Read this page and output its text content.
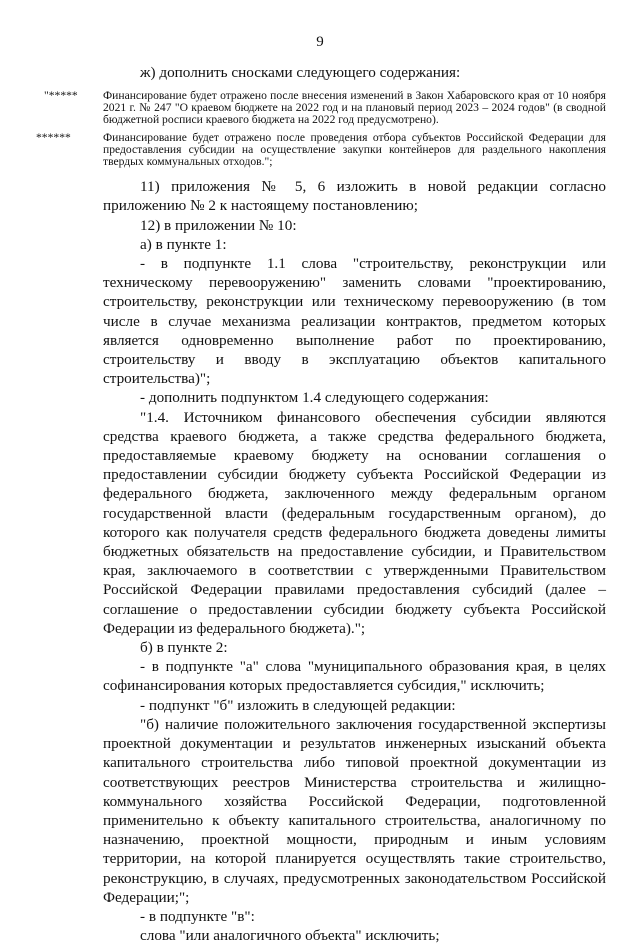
9

ж) дополнить сносками следующего содержания:

"***** Финансирование будет отражено после внесения изменений в Закон Хабаровского края от 10 ноября 2021 г. № 247 "О краевом бюджете на 2022 год и на плановый период 2023 – 2024 годов" (в сводной бюджетной росписи краевого бюджета на 2022 год предусмотрено).
******	Финансирование будет отражено после проведения отбора субъектов Российской Федерации для предоставления субсидии на осуществление закупки контейнеров для раздельного накопления твердых коммунальных отходов.";

11) приложения № 5, 6 изложить в новой редакции согласно приложению № 2 к настоящему постановлению;

12) в приложении № 10:

а) в пункте 1:

- в подпункте 1.1 слова "строительству, реконструкции или техническому перевооружению" заменить словами "проектированию, строительству, реконструкции или техническому перевооружению (в том числе в случае механизма реализации контрактов, предметом которых является одновременно выполнение работ по проектированию, строительству и вводу в эксплуатацию объектов капитального строительства)";

- дополнить подпунктом 1.4 следующего содержания:

"1.4. Источником финансового обеспечения субсидии являются средства краевого бюджета, а также средства федерального бюджета, предоставляемые краевому бюджету на основании соглашения о предоставлении субсидии бюджету субъекта Российской Федерации из федерального бюджета, заключенного между федеральным органом государственной власти (федеральным государственным органом), до которого как получателя средств федерального бюджета доведены лимиты бюджетных обязательств на предоставление субсидии, и Правительством края, заключаемого в соответствии с утвержденными Правительством Российской Федерации правилами предоставления субсидий (далее – соглашение о предоставлении субсидии бюджету субъекта Российской Федерации из федерального бюджета).";

б) в пункте 2:

- в подпункте "а" слова "муниципального образования края, в целях софинансирования которых предоставляется субсидия," исключить;

- подпункт "б" изложить в следующей редакции:

"б) наличие положительного заключения государственной экспертизы проектной документации и результатов инженерных изысканий объекта капитального строительства либо типовой проектной документации из соответствующих реестров Министерства строительства и жилищно-коммунального хозяйства Российской Федерации, подготовленной применительно к объекту капитального строительства, аналогичному по назначению, проектной мощности, природным и иным условиям территории, на которой планируется осуществлять такие строительство, реконструкцию, в случаях, предусмотренных законодательством Российской Федерации;";

- в подпункте "в":

слова "или аналогичного объекта" исключить;
